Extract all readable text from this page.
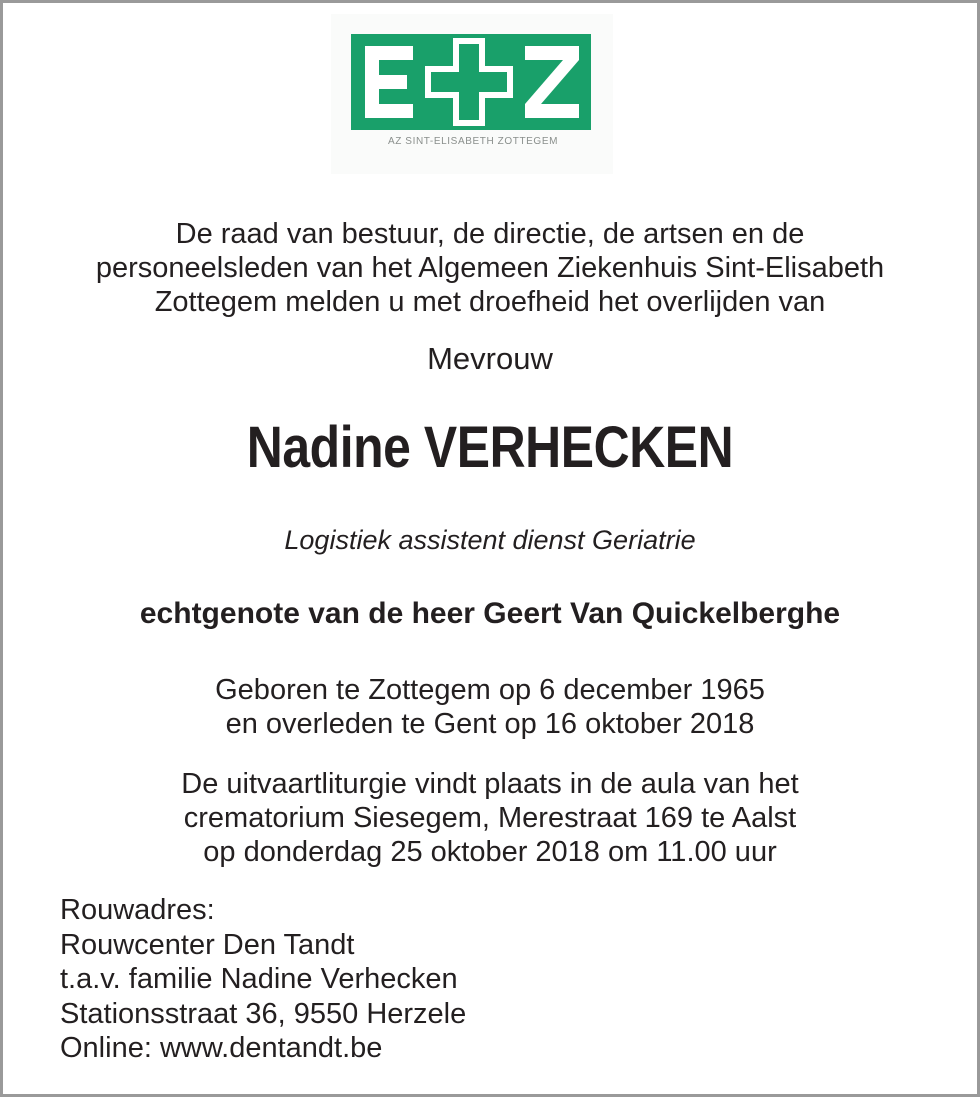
AZ SINT-ELISABETH ZOTTEGEM
De raad van bestuur, de directie, de artsen en de
personeelsleden van het Algemeen Ziekenhuis Sint-Elisabeth
Zottegem melden u met droefheid het overlijden van
Mevrouw
Nadine VERHECKEN
Logistiek assistent dienst Geriatrie
echtgenote van de heer Geert Van Quickelberghe
Geboren te Zottegem op 6 december 1965
en overleden te Gent op 16 oktober 2018
De uitvaartliturgie vindt plaats in de aula van het
crematorium Siesegem, Merestraat 169 te Aalst
op donderdag 25 oktober 2018 om 11.00 uur
Rouwadres:
Rouwcenter Den Tandt
t.a.v. familie Nadine Verhecken
Stationsstraat 36, 9550 Herzele
Online: www.dentandt.be
